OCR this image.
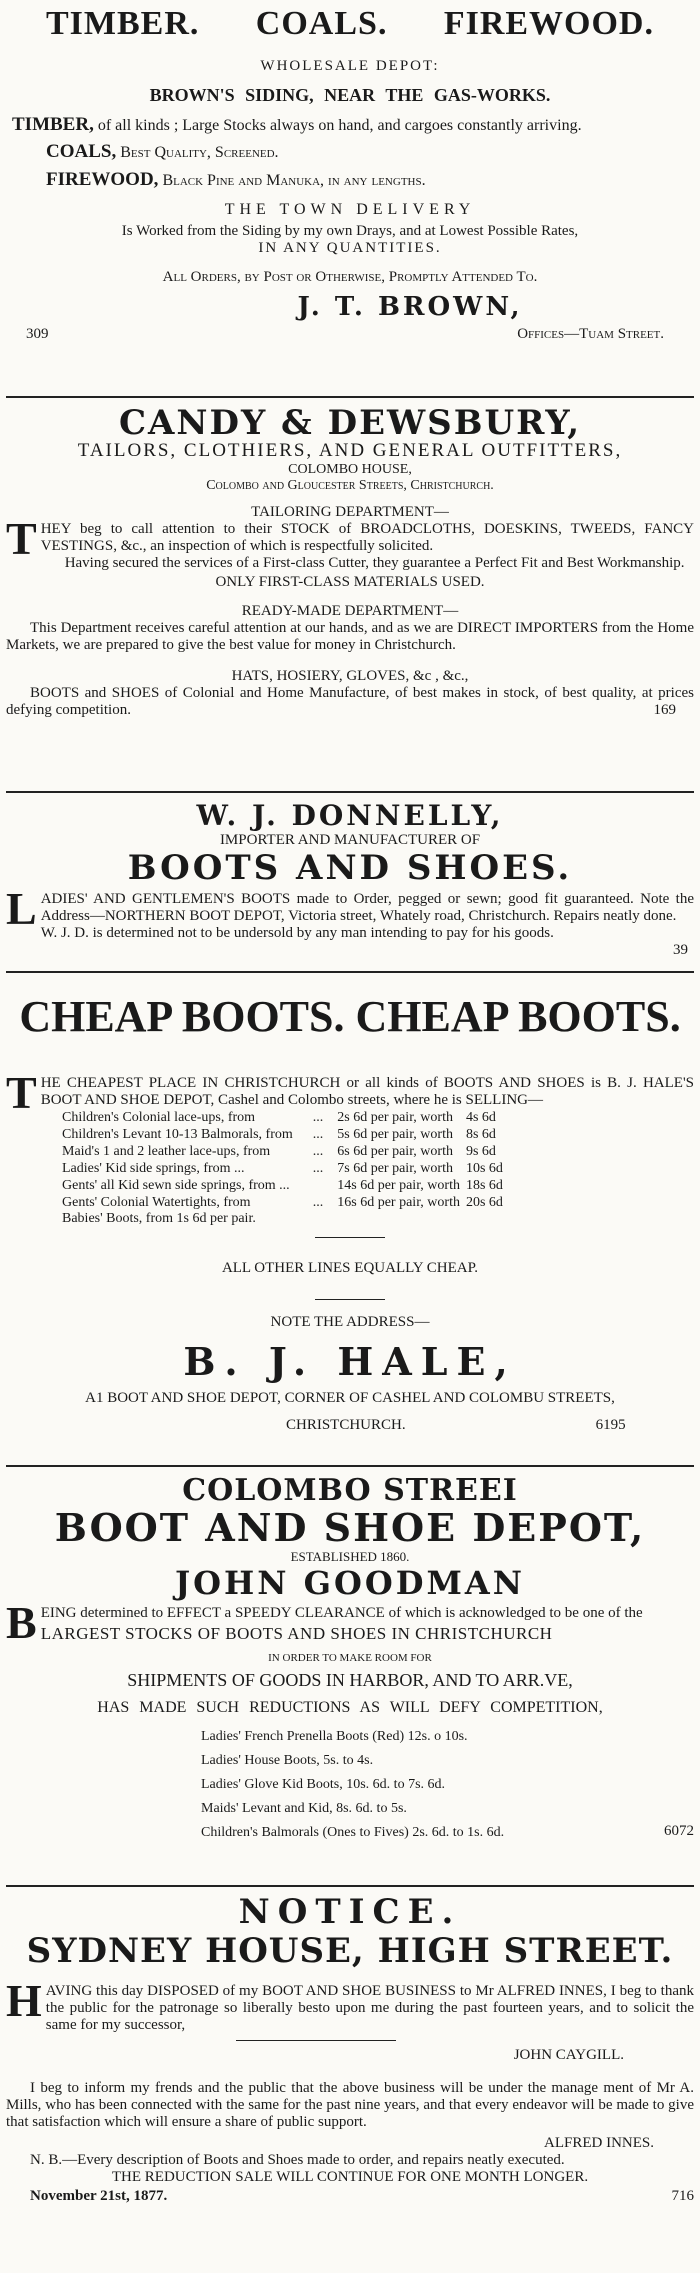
TIMBER. COALS. FIREWOOD.

WHOLESALE DEPOT:

BROWN'S SIDING, NEAR THE GAS-WORKS.

TIMBER, of all kinds ; Large Stocks always on hand, and cargoes constantly arriving.

COALS, Best Quality, Screened.

FIREWOOD, Black Pine and Manuka, in any lengths.

THE TOWN DELIVERY

Is Worked from the Siding by my own Drays, and at Lowest Possible Rates,

IN ANY QUANTITIES.

All Orders, by Post or Otherwise, Promptly Attended To.

J. T. BROWN,

309	Offices—Tuam Street.

CANDY & DEWSBURY,

TAILORS, CLOTHIERS, AND GENERAL OUTFITTERS,

COLOMBO HOUSE,

Colombo and Gloucester Streets, Christchurch.

TAILORING DEPARTMENT—

THEY beg to call attention to their STOCK of BROADCLOTHS, DOESKINS, TWEEDS, FANCY VESTINGS, &c., an inspection of which is respectfully solicited.

Having secured the services of a First-class Cutter, they guarantee a Perfect Fit and Best Workmanship.

ONLY FIRST-CLASS MATERIALS USED.

READY-MADE DEPARTMENT—

This Department receives careful attention at our hands, and as we are DIRECT IMPORTERS from the Home Markets, we are prepared to give the best value for money in Christchurch.

HATS, HOSIERY, GLOVES, &c , &c.,

BOOTS and SHOES of Colonial and Home Manufacture, of best makes in stock, of best quality, at prices defying competition.	169

W. J. DONNELLY,

IMPORTER AND MANUFACTURER OF

BOOTS AND SHOES.

LADIES' AND GENTLEMEN'S BOOTS made to Order, pegged or sewn; good fit guaranteed. Note the Address—NORTHERN BOOT DEPOT, Victoria street, Whately road, Christchurch. Repairs neatly done.

W. J. D. is determined not to be undersold by any man intending to pay for his goods.

39

CHEAP BOOTS. CHEAP BOOTS.

THE CHEAPEST PLACE IN CHRISTCHURCH or all kinds of BOOTS AND SHOES is B. J. HALE'S BOOT AND SHOE DEPOT, Cashel and Colombo streets, where he is SELLING—

Children's Colonial lace-ups, from	...	2s 6d per pair, worth	4s 6d
Children's Levant 10-13 Balmorals, from	...	5s 6d per pair, worth	8s 6d
Maid's 1 and 2 leather lace-ups, from	...	6s 6d per pair, worth	9s 6d
Ladies' Kid side springs, from ...	...	7s 6d per pair, worth	10s 6d
Gents' all Kid sewn side springs, from ...		14s 6d per pair, worth	18s 6d
Gents' Colonial Watertights, from	...	16s 6d per pair, worth	20s 6d

Babies' Boots, from 1s 6d per pair.

ALL OTHER LINES EQUALLY CHEAP.

NOTE THE ADDRESS—

B. J. HALE,

A1 BOOT AND SHOE DEPOT, CORNER OF CASHEL AND COLOMBU STREETS,

CHRISTCHURCH.	6195

COLOMBO STREEI

BOOT AND SHOE DEPOT,

ESTABLISHED 1860.

JOHN GOODMAN

BEING determined to EFFECT a SPEEDY CLEARANCE of which is acknowledged to be one of the

LARGEST STOCKS OF BOOTS AND SHOES IN CHRISTCHURCH

IN ORDER TO MAKE ROOM FOR

SHIPMENTS OF GOODS IN HARBOR, AND TO ARR.VE,

HAS MADE SUCH REDUCTIONS AS WILL DEFY COMPETITION,

Ladies' French Prenella Boots (Red) 12s. o 10s.

Ladies' House Boots, 5s. to 4s.

Ladies' Glove Kid Boots, 10s. 6d. to 7s. 6d.

Maids' Levant and Kid, 8s. 6d. to 5s.

Children's Balmorals (Ones to Fives) 2s. 6d. to 1s. 6d.	6072

NOTICE.

SYDNEY HOUSE, HIGH STREET.

HAVING this day DISPOSED of my BOOT AND SHOE BUSINESS to Mr ALFRED INNES, I beg to thank the public for the patronage so liberally besto upon me during the past fourteen years, and to solicit the same for my successor,

JOHN CAYGILL.

I beg to inform my frends and the public that the above business will be under the manage ment of Mr A. Mills, who has been connected with the same for the past nine years, and that every endeavor will be made to give that satisfaction which will ensure a share of public support.

ALFRED INNES.

N. B.—Every description of Boots and Shoes made to order, and repairs neatly executed.

THE REDUCTION SALE WILL CONTINUE FOR ONE MONTH LONGER.

November 21st, 1877.	716
